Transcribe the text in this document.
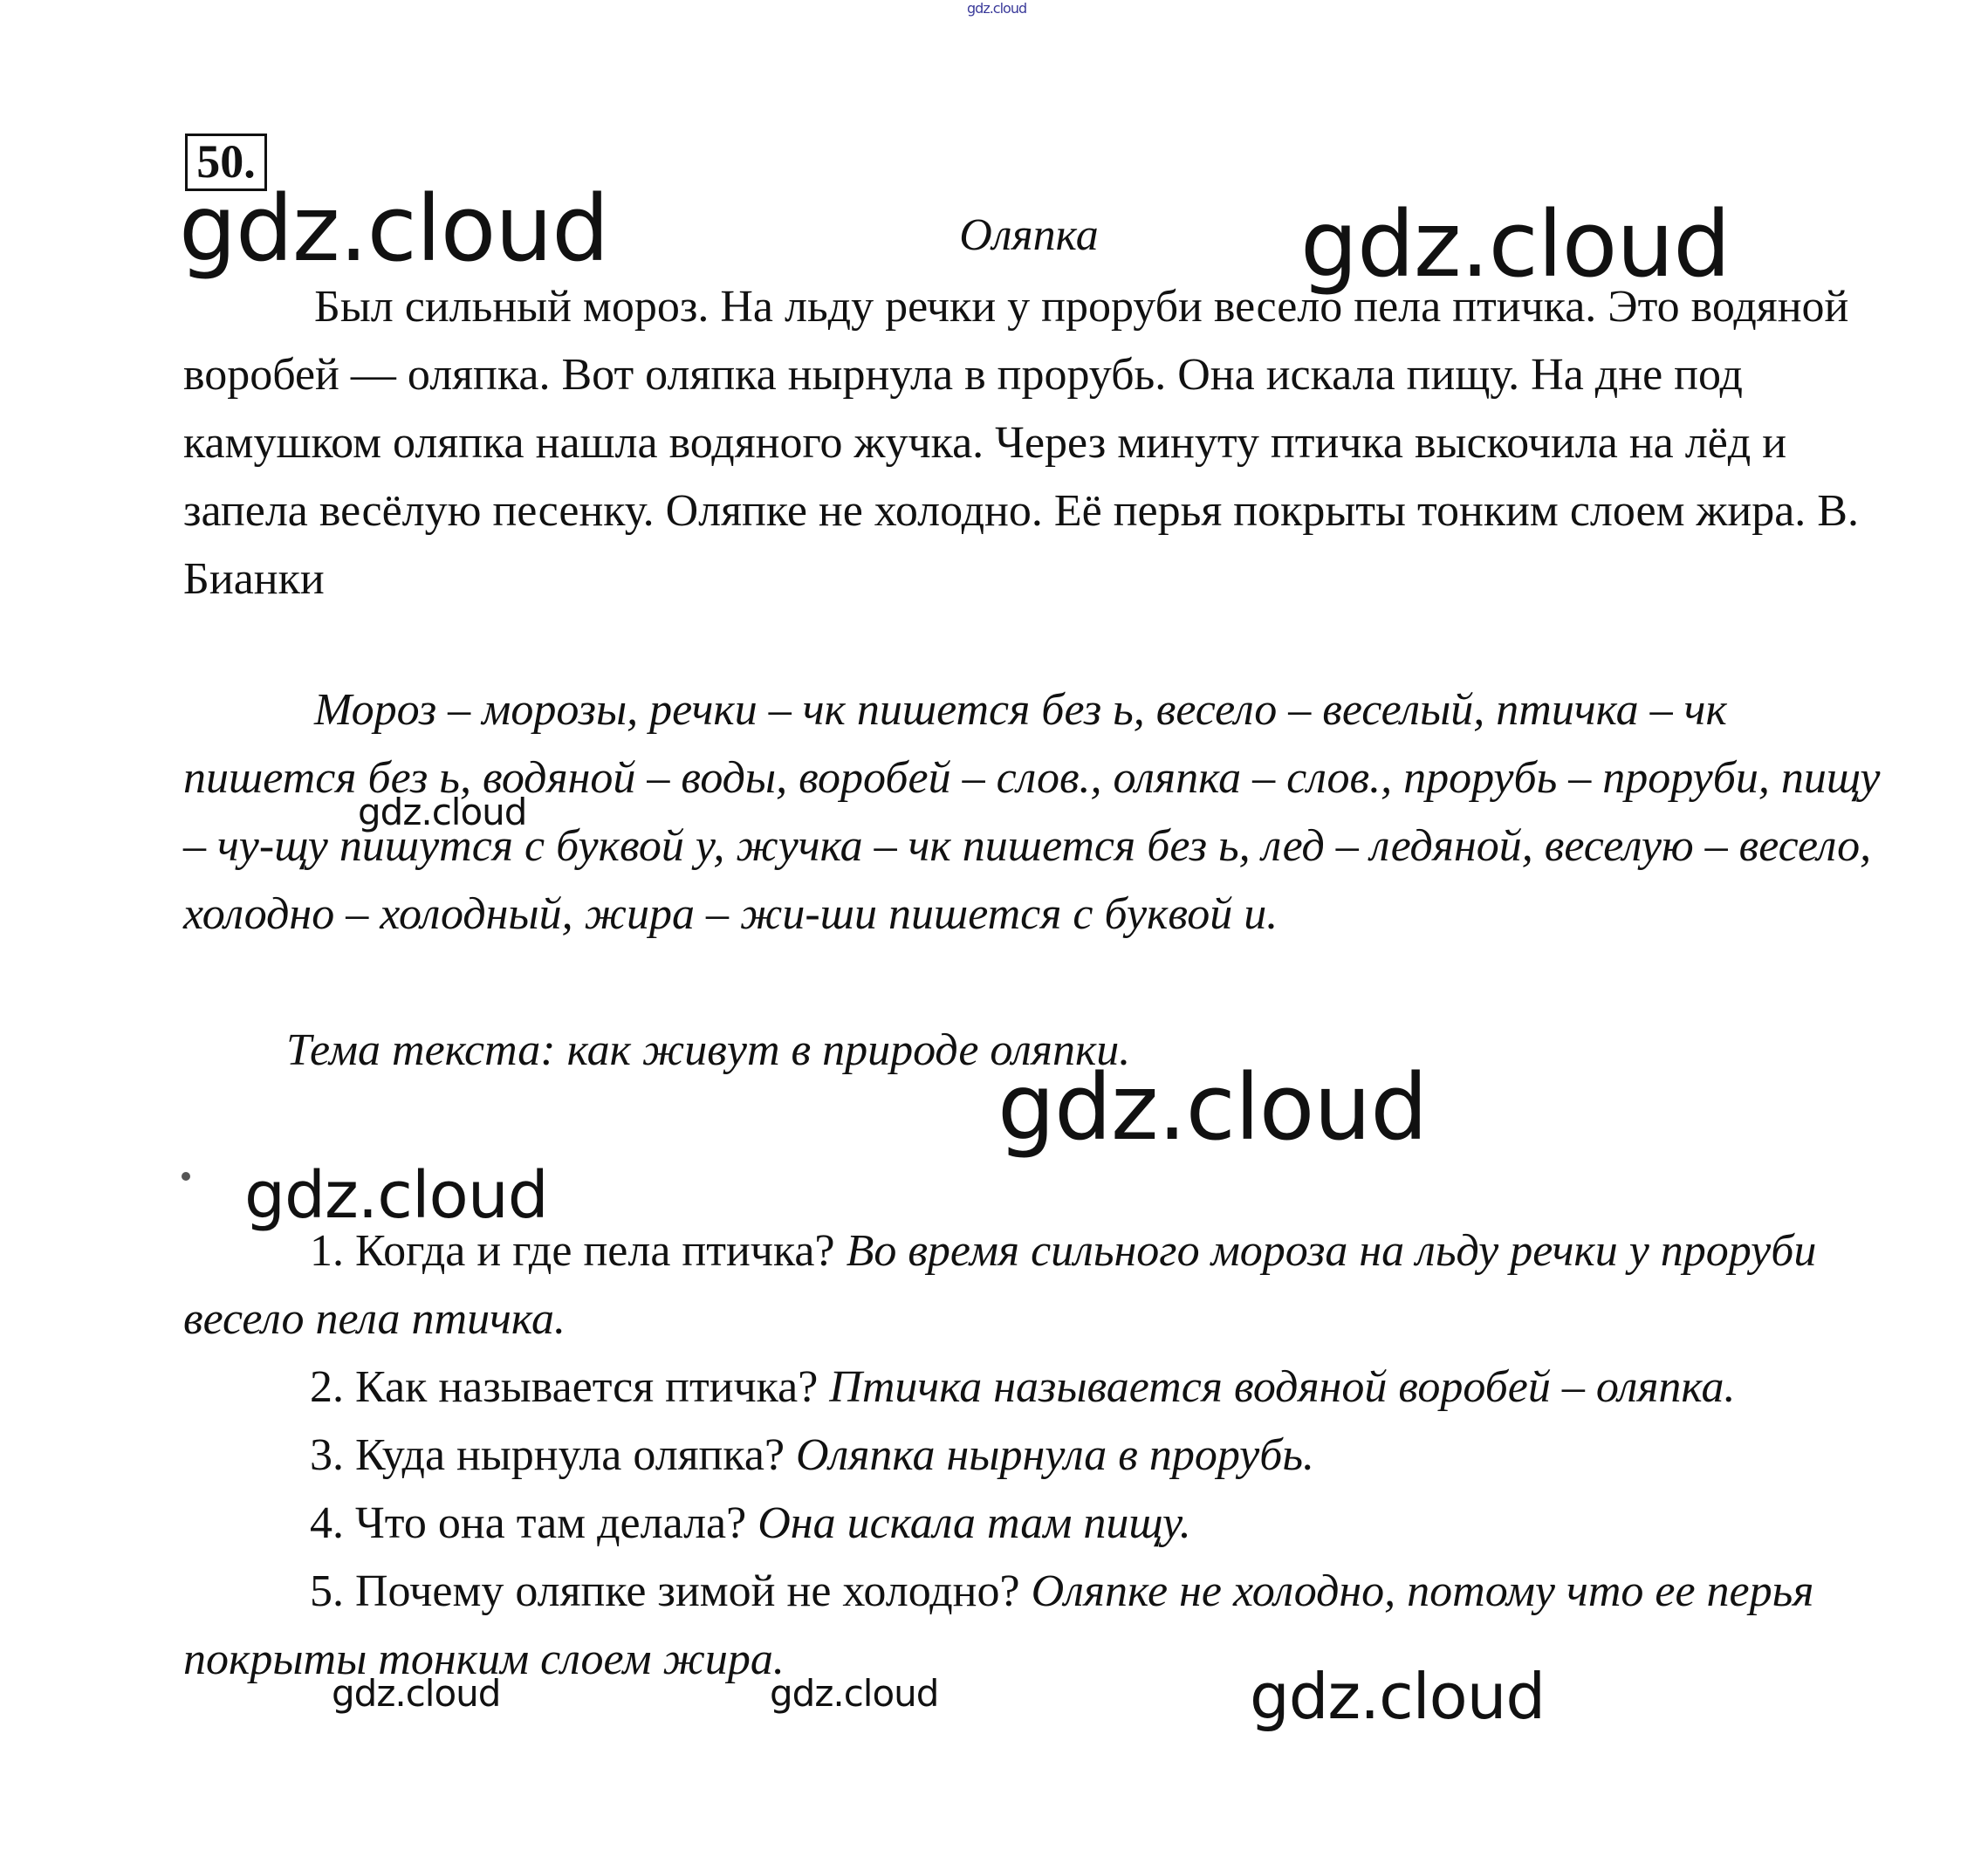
gdz.cloud
gdz.cloud	gdz.cloud
gdz.cloud
gdz.cloud
gdz.cloud
gdz.cloud	gdz.cloud	gdz.cloud
50.
Оляпка

Был сильный мороз. На льду речки у проруби весело пела птичка. Это водяной воробей — оляпка. Вот оляпка нырнула в прорубь. Она искала пищу. На дне под камушком оляпка нашла водяного жучка. Через минуту птичка выскочила на лёд и запела весёлую песенку. Оляпке не холодно. Её перья покрыты тонким слоем жира. В. Бианки

Мороз – морозы, речки – чк пишется без ь, весело – веселый, птичка – чк пишется без ь, водяной – воды, воробей – слов., оляпка – слов., прорубь – проруби, пищу – чу-щу пишутся с буквой у, жучка – чк пишется без ь, лед – ледяной, веселую – весело, холодно – холодный, жира – жи-ши пишется с буквой и.

Тема текста: как живут в природе оляпки.

1. Когда и где пела птичка? Во время сильного мороза на льду речки у проруби весело пела птичка.

2. Как называется птичка? Птичка называется водяной воробей – оляпка.

3. Куда нырнула оляпка? Оляпка нырнула в прорубь.

4. Что она там делала? Она искала там пищу.

5. Почему оляпке зимой не холодно? Оляпке не холодно, потому что ее перья покрыты тонким слоем жира.
